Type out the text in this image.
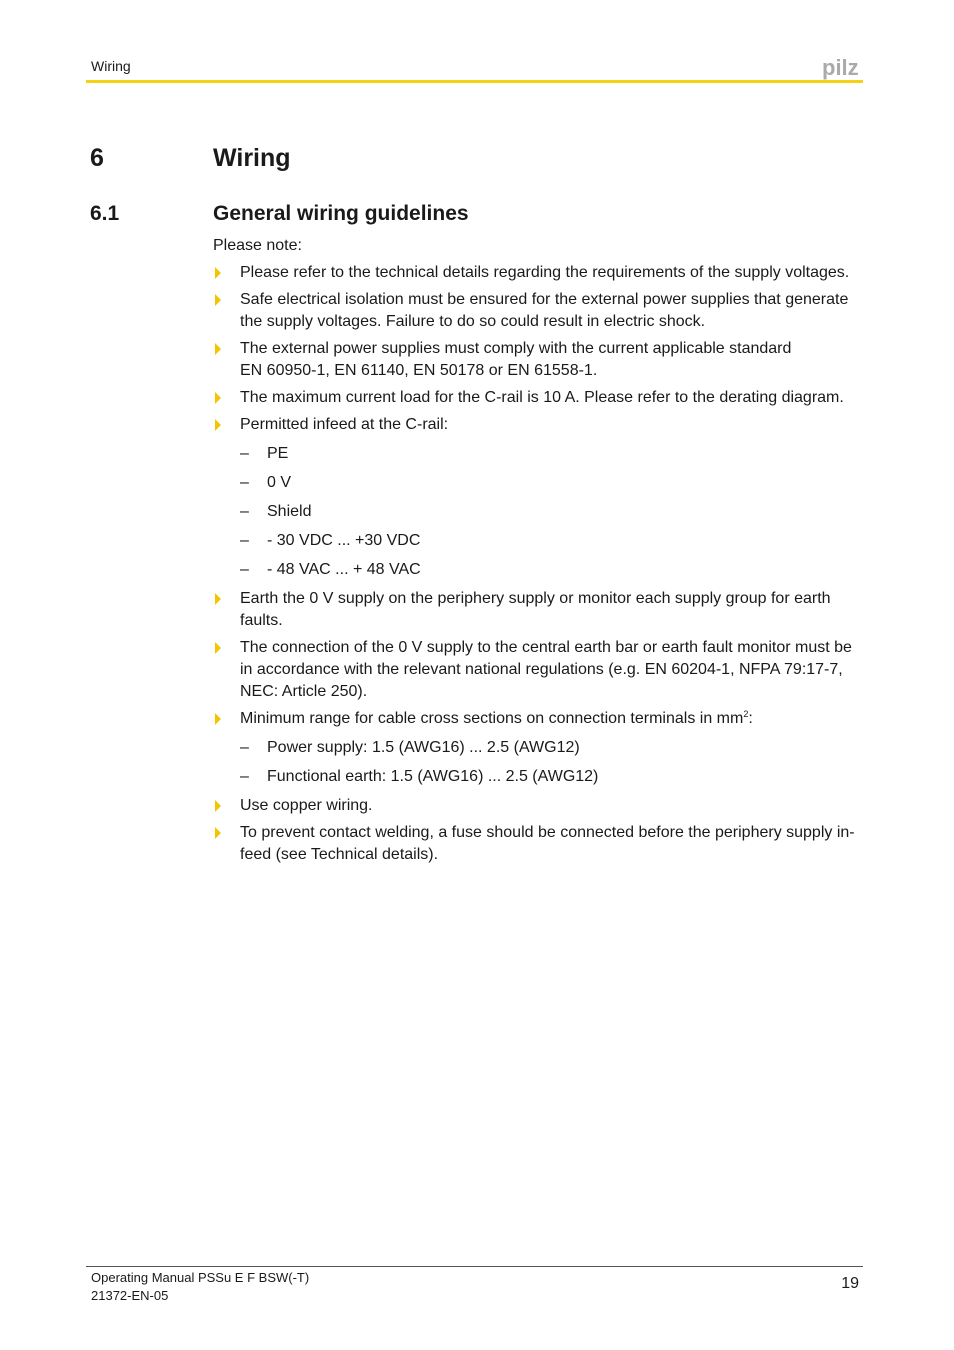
Wiring	pilz
6	Wiring
6.1	General wiring guidelines

Please note:

Please refer to the technical details regarding the requirements of the supply voltages.
Safe electrical isolation must be ensured for the external power supplies that generate the supply voltages. Failure to do so could result in electric shock.
The external power supplies must comply with the current applicable standard
EN 60950-1, EN 61140, EN 50178 or EN 61558-1.
The maximum current load for the C-rail is 10 A. Please refer to the derating diagram.
Permitted infeed at the C-rail:
– PE
– 0 V
– Shield
– - 30 VDC ... +30 VDC
– - 48 VAC ... + 48 VAC
Earth the 0 V supply on the periphery supply or monitor each supply group for earth faults.
The connection of the 0 V supply to the central earth bar or earth fault monitor must be in accordance with the relevant national regulations (e.g. EN 60204-1, NFPA 79:17-7, NEC: Article 250).
Minimum range for cable cross sections on connection terminals in $mm^2$:
– Power supply: 1.5 (AWG16) ... 2.5 (AWG12)
– Functional earth: 1.5 (AWG16) ... 2.5 (AWG12)
Use copper wiring.
To prevent contact welding, a fuse should be connected before the periphery supply in-feed (see Technical details).
Operating Manual PSSu E F BSW(-T)
21372-EN-05
19
